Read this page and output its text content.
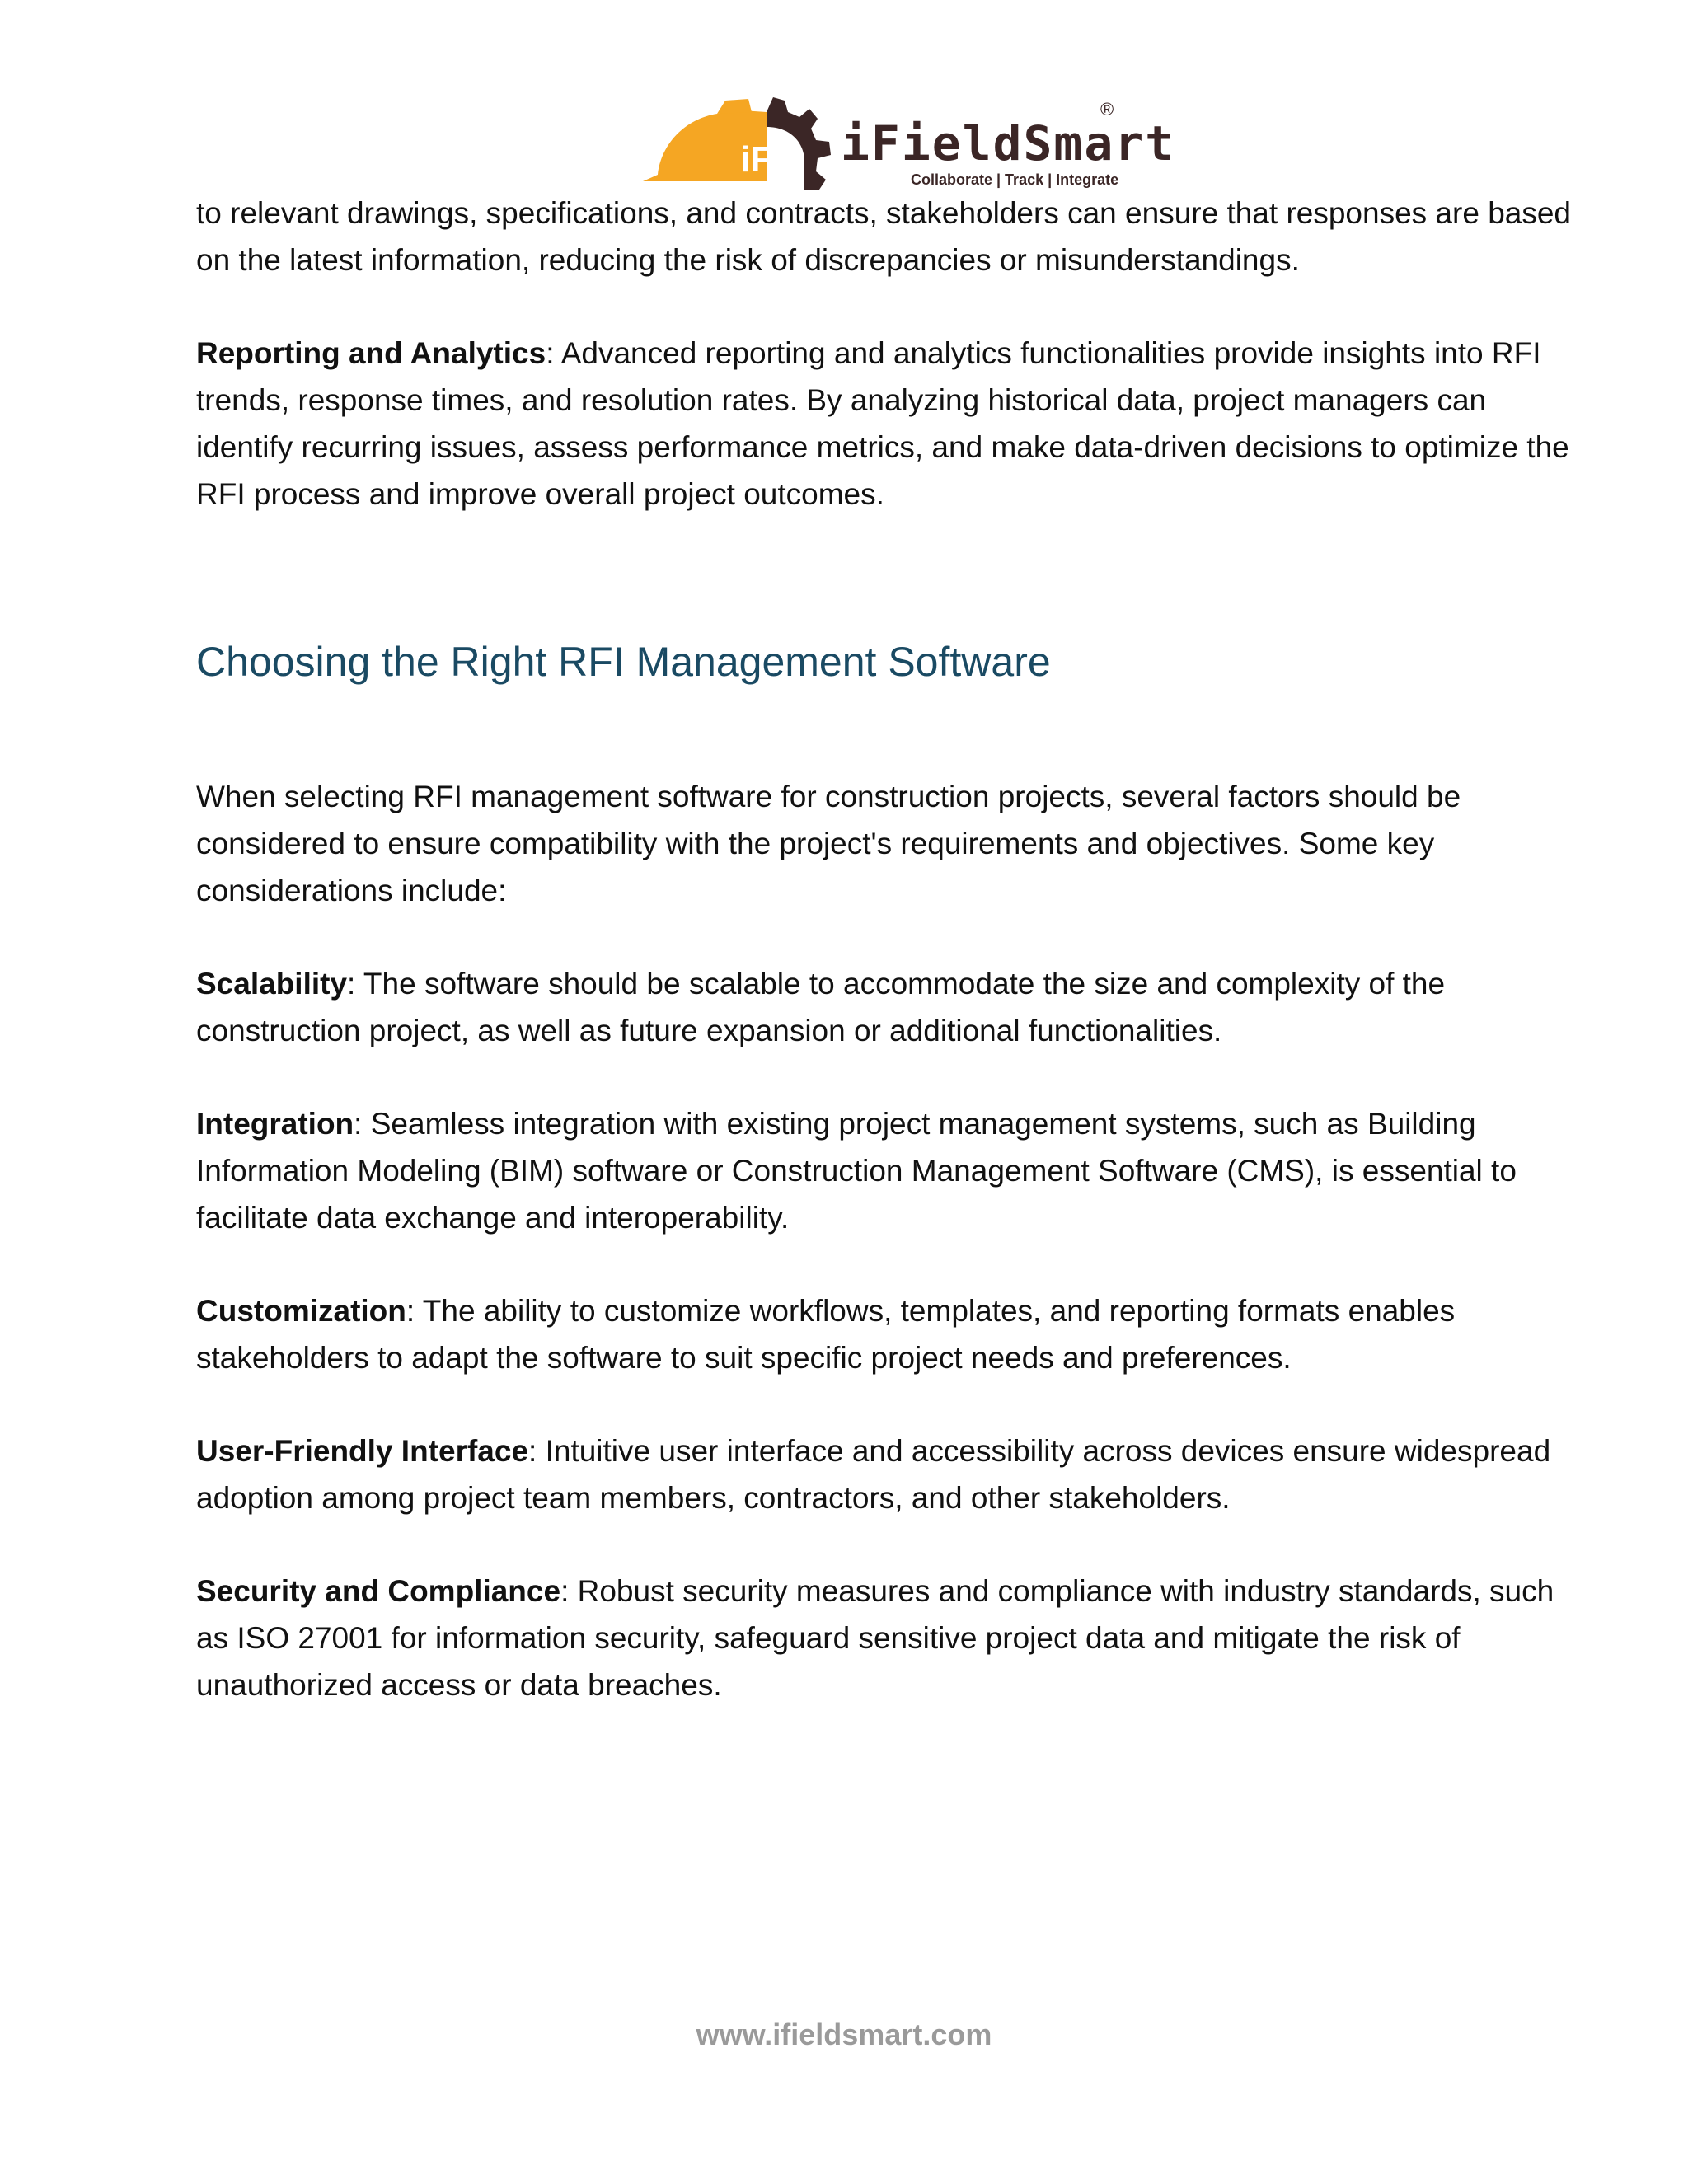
iF iFieldSmart
®
Collaborate | Track | Integrate

to relevant drawings, specifications, and contracts, stakeholders can ensure that responses are based on the latest information, reducing the risk of discrepancies or misunderstandings.

Reporting and Analytics: Advanced reporting and analytics functionalities provide insights into RFI trends, response times, and resolution rates. By analyzing historical data, project managers can identify recurring issues, assess performance metrics, and make data-driven decisions to optimize the RFI process and improve overall project outcomes.

Choosing the Right RFI Management Software

When selecting RFI management software for construction projects, several factors should be considered to ensure compatibility with the project's requirements and objectives. Some key considerations include:

Scalability: The software should be scalable to accommodate the size and complexity of the construction project, as well as future expansion or additional functionalities.

Integration: Seamless integration with existing project management systems, such as Building Information Modeling (BIM) software or Construction Management Software (CMS), is essential to facilitate data exchange and interoperability.

Customization: The ability to customize workflows, templates, and reporting formats enables stakeholders to adapt the software to suit specific project needs and preferences.

User-Friendly Interface: Intuitive user interface and accessibility across devices ensure widespread adoption among project team members, contractors, and other stakeholders.

Security and Compliance: Robust security measures and compliance with industry standards, such as ISO 27001 for information security, safeguard sensitive project data and mitigate the risk of unauthorized access or data breaches.

www.ifieldsmart.com
